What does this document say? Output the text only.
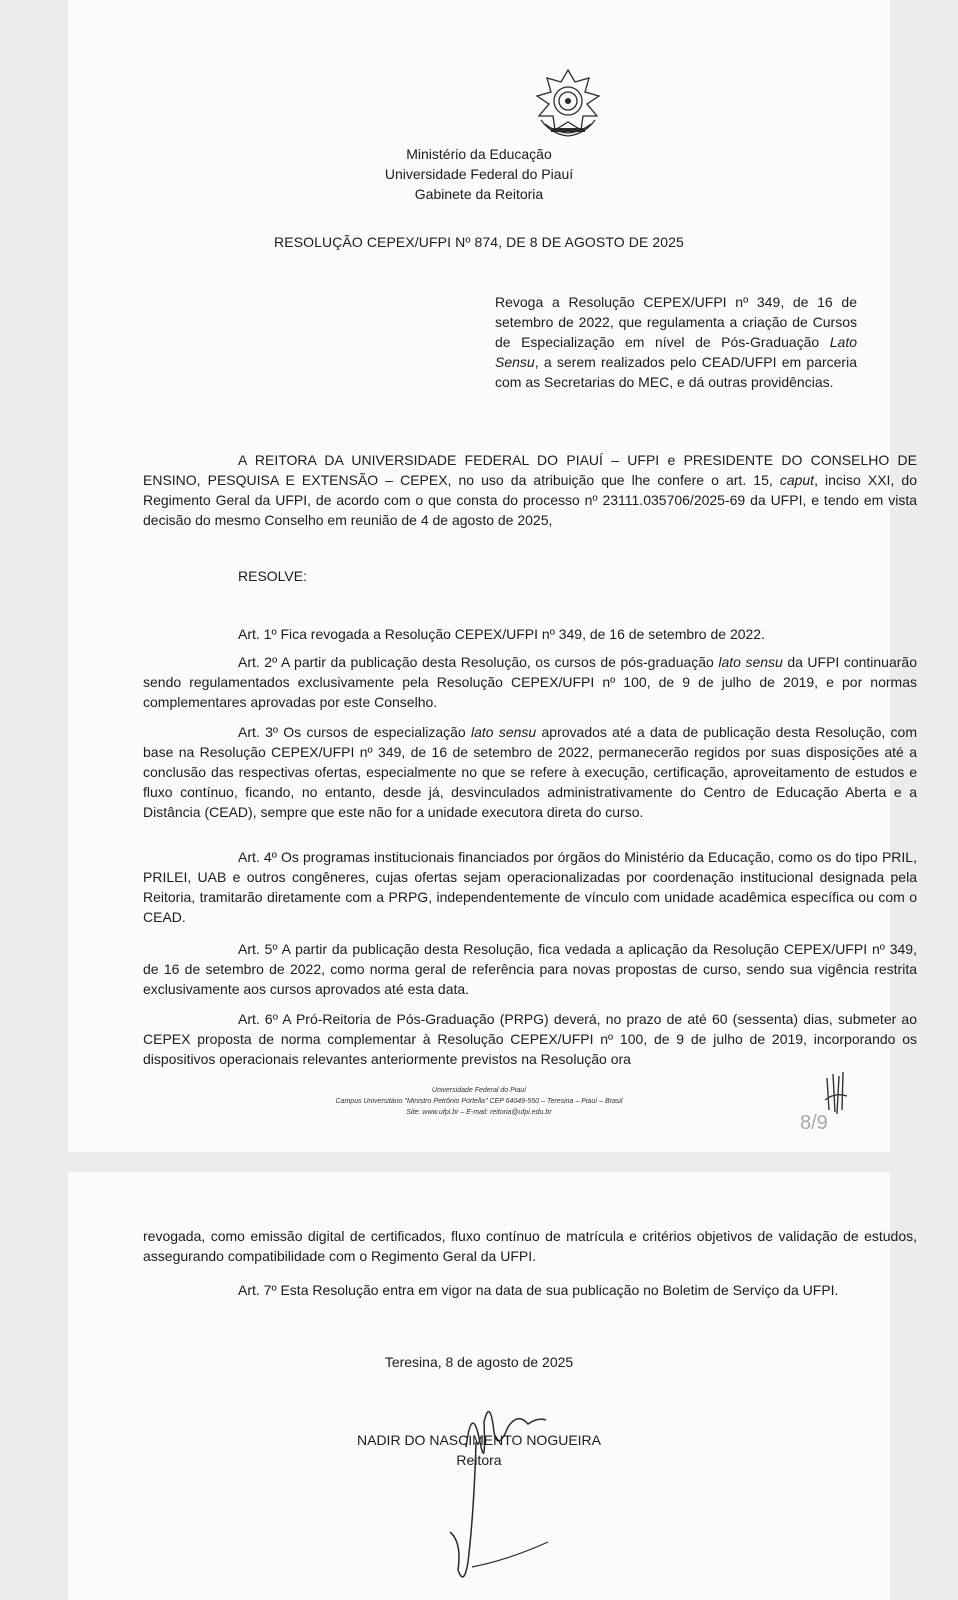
Ministério da Educação
Universidade Federal do Piauí
Gabinete da Reitoria
RESOLUÇÃO CEPEX/UFPI Nº 874, DE 8 DE AGOSTO DE 2025
Revoga a Resolução CEPEX/UFPI nº 349, de 16 de setembro de 2022, que regulamenta a criação de Cursos de Especialização em nível de Pós-Graduação Lato Sensu, a serem realizados pelo CEAD/UFPI em parceria com as Secretarias do MEC, e dá outras providências.
A REITORA DA UNIVERSIDADE FEDERAL DO PIAUÍ – UFPI e PRESIDENTE DO CONSELHO DE ENSINO, PESQUISA E EXTENSÃO – CEPEX, no uso da atribuição que lhe confere o art. 15, caput, inciso XXI, do Regimento Geral da UFPI, de acordo com o que consta do processo nº 23111.035706/2025-69 da UFPI, e tendo em vista decisão do mesmo Conselho em reunião de 4 de agosto de 2025,
RESOLVE:
Art. 1º Fica revogada a Resolução CEPEX/UFPI nº 349, de 16 de setembro de 2022.
Art. 2º A partir da publicação desta Resolução, os cursos de pós-graduação lato sensu da UFPI continuarão sendo regulamentados exclusivamente pela Resolução CEPEX/UFPI nº 100, de 9 de julho de 2019, e por normas complementares aprovadas por este Conselho.
Art. 3º Os cursos de especialização lato sensu aprovados até a data de publicação desta Resolução, com base na Resolução CEPEX/UFPI nº 349, de 16 de setembro de 2022, permanecerão regidos por suas disposições até a conclusão das respectivas ofertas, especialmente no que se refere à execução, certificação, aproveitamento de estudos e fluxo contínuo, ficando, no entanto, desde já, desvinculados administrativamente do Centro de Educação Aberta e a Distância (CEAD), sempre que este não for a unidade executora direta do curso.
Art. 4º Os programas institucionais financiados por órgãos do Ministério da Educação, como os do tipo PRIL, PRILEI, UAB e outros congêneres, cujas ofertas sejam operacionalizadas por coordenação institucional designada pela Reitoria, tramitarão diretamente com a PRPG, independentemente de vínculo com unidade acadêmica específica ou com o CEAD.
Art. 5º A partir da publicação desta Resolução, fica vedada a aplicação da Resolução CEPEX/UFPI nº 349, de 16 de setembro de 2022, como norma geral de referência para novas propostas de curso, sendo sua vigência restrita exclusivamente aos cursos aprovados até esta data.
Art. 6º A Pró-Reitoria de Pós-Graduação (PRPG) deverá, no prazo de até 60 (sessenta) dias, submeter ao CEPEX proposta de norma complementar à Resolução CEPEX/UFPI nº 100, de 9 de julho de 2019, incorporando os dispositivos operacionais relevantes anteriormente previstos na Resolução ora
Universidade Federal do Piauí
Campus Universitário "Ministro Petrônio Portella" CEP 64049-550 – Teresina – Piauí – Brasil
Site: www.ufpi.br – E-mail: reitoria@ufpi.edu.br	8/9
revogada, como emissão digital de certificados, fluxo contínuo de matrícula e critérios objetivos de validação de estudos, assegurando compatibilidade com o Regimento Geral da UFPI.
Art. 7º Esta Resolução entra em vigor na data de sua publicação no Boletim de Serviço da UFPI.
Teresina, 8 de agosto de 2025
NADIR DO NASCIMENTO NOGUEIRA
Reitora
